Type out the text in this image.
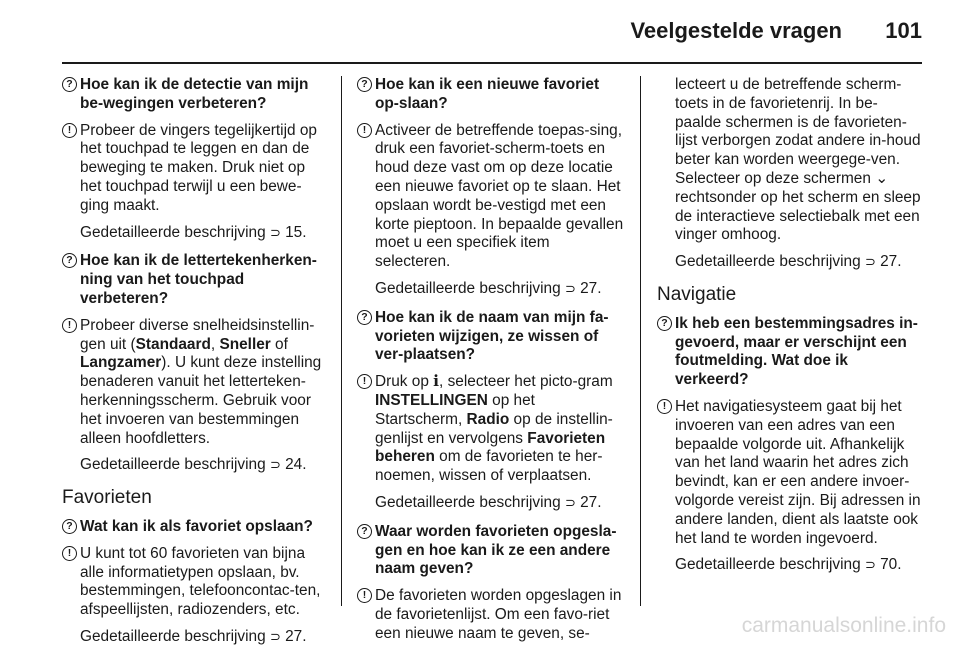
Veelgestelde vragen 101
? Hoe kan ik de detectie van mijn be-wegingen verbeteren?
! Probeer de vingers tegelijkertijd op het touchpad te leggen en dan de beweging te maken. Druk niet op het touchpad terwijl u een bewe-ging maakt.
Gedetailleerde beschrijving ⊃ 15.
? Hoe kan ik de lettertekenherken-ning van het touchpad verbeteren?
! Probeer diverse snelheidsinstellin-gen uit (Standaard, Sneller of Langzamer). U kunt deze instelling benaderen vanuit het letterteken-herkenningsscherm. Gebruik voor het invoeren van bestemmingen alleen hoofdletters.
Gedetailleerde beschrijving ⊃ 24.
Favorieten
? Wat kan ik als favoriet opslaan?
! U kunt tot 60 favorieten van bijna alle informatietypen opslaan, bv. bestemmingen, telefooncontac-ten, afspeellijsten, radiozenders, etc.
Gedetailleerde beschrijving ⊃ 27.
? Hoe kan ik een nieuwe favoriet op-slaan?
! Activeer de betreffende toepas-sing, druk een favoriet-scherm-toets en houd deze vast om op deze locatie een nieuwe favoriet op te slaan. Het opslaan wordt be-vestigd met een korte pieptoon. In bepaalde gevallen moet u een specifiek item selecteren.
Gedetailleerde beschrijving ⊃ 27.
? Hoe kan ik de naam van mijn fa-vorieten wijzigen, ze wissen of ver-plaatsen?
! Druk op ℹ, selecteer het picto-gram INSTELLINGEN op het Startscherm, Radio op de instellin-genlijst en vervolgens Favorieten beheren om de favorieten te her-noemen, wissen of verplaatsen.
Gedetailleerde beschrijving ⊃ 27.
? Waar worden favorieten opgesla-gen en hoe kan ik ze een andere naam geven?
! De favorieten worden opgeslagen in de favorietenlijst. Om een favo-riet een nieuwe naam te geven, se-
lecteert u de betreffende scherm-toets in de favorietenrij. In be-paalde schermen is de favorieten-lijst verborgen zodat andere in-houd beter kan worden weergege-ven. Selecteer op deze schermen ⌄ rechtsonder op het scherm en sleep de interactieve selectiebalk met een vinger omhoog.
Gedetailleerde beschrijving ⊃ 27.
Navigatie
? Ik heb een bestemmingsadres in-gevoerd, maar er verschijnt een foutmelding. Wat doe ik verkeerd?
! Het navigatiesysteem gaat bij het invoeren van een adres van een bepaalde volgorde uit. Afhankelijk van het land waarin het adres zich bevindt, kan er een andere invoer-volgorde vereist zijn. Bij adressen in andere landen, dient als laatste ook het land te worden ingevoerd.
Gedetailleerde beschrijving ⊃ 70.
carmanualsonline.info
